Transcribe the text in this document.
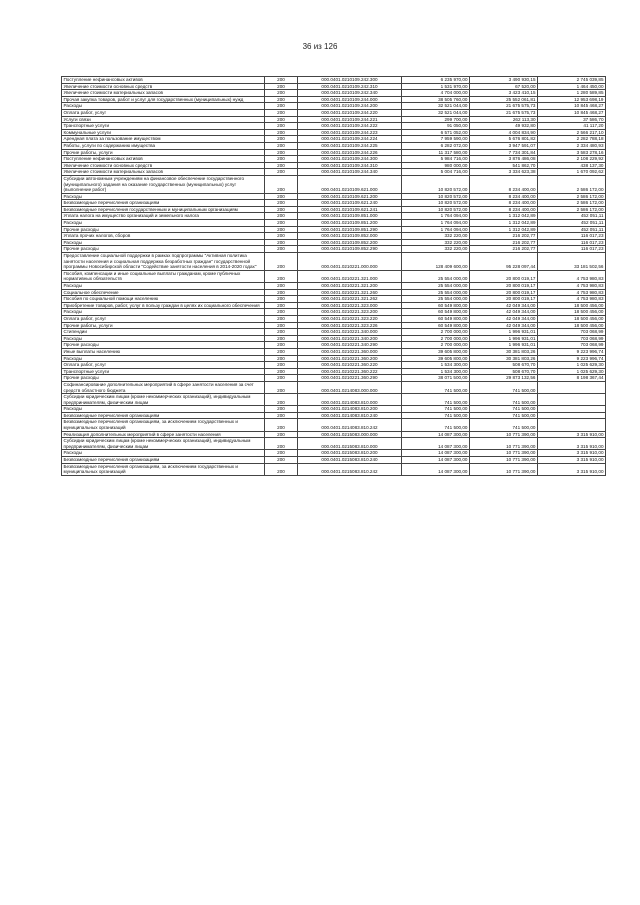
36 из 126
Поступление нефинансовых активов	200	000.0401.0210109.242.300	6 235 970,00	3 490 930,15	2 745 039,85
Увеличение стоимости основных средств	200	000.0401.0210109.242.310	1 531 970,00	67 520,00	1 464 450,00
Увеличение стоимости материальных запасов	200	000.0401.0210109.242.340	4 704 000,00	3 423 410,15	1 280 589,85
Прочая закупка товаров, работ и услуг для государственных (муниципальных) нужд	200	000.0401.0210109.244.000	38 505 760,00	25 552 061,81	12 953 698,19
Расходы	200	000.0401.0210109.244.200	32 521 044,00	21 675 575,73	10 845 468,27
Оплата работ, услуг	200	000.0401.0210109.244.220	32 521 044,00	21 675 575,73	10 845 468,27
Услуги связи	200	000.0401.0210109.244.221	299 700,00	262 113,30	37 586,70
Транспортные услуги	200	000.0401.0210109.244.222	91 050,00	49 932,80	41 117,20
Коммунальные услуги	200	000.0401.0210109.244.223	6 571 052,00	4 004 834,90	2 566 217,10
Арендная плата за пользование имуществом	200	000.0401.0210109.244.224	7 959 590,00	5 676 801,82	2 282 788,18
Работы, услуги по содержанию имущества	200	000.0401.0210109.244.225	6 282 072,00	3 947 591,07	2 334 480,93
Прочие работы, услуги	200	000.0401.0210109.244.226	11 317 580,00	7 734 301,84	3 583 278,16
Поступление нефинансовых активов	200	000.0401.0210109.244.300	5 984 716,00	3 876 486,08	2 108 229,92
Увеличение стоимости основных средств	200	000.0401.0210109.244.310	980 000,00	541 862,70	438 137,30
Увеличение стоимости материальных запасов	200	000.0401.0210109.244.340	5 004 716,00	3 334 623,38	1 670 092,62
Субсидии автономным учреждениям на финансовое обеспечение государственного (муниципального) задания на оказание государственных (муниципальных) услуг (выполнение работ)	200	000.0401.0210109.621.000	10 820 572,00	8 234 400,00	2 586 172,00
Расходы	200	000.0401.0210109.621.200	10 820 572,00	8 234 400,00	2 586 172,00
Безвозмездные перечисления организациям	200	000.0401.0210109.621.240	10 820 572,00	8 234 400,00	2 586 172,00
Безвозмездные перечисления государственным и муниципальным организациям	200	000.0401.0210109.621.241	10 820 572,00	8 234 400,00	2 586 172,00
Уплата налога на имущество организаций и земельного налога	200	000.0401.0210109.851.000	1 764 094,00	1 312 042,89	452 051,11
Расходы	200	000.0401.0210109.851.200	1 764 094,00	1 312 042,89	452 051,11
Прочие расходы	200	000.0401.0210109.851.290	1 764 094,00	1 312 042,89	452 051,11
Уплата прочих налогов, сборов	200	000.0401.0210109.852.000	332 220,00	216 202,77	116 017,23
Расходы	200	000.0401.0210109.852.200	332 220,00	216 202,77	116 017,23
Прочие расходы	200	000.0401.0210109.852.290	332 220,00	216 202,77	116 017,23
Предоставление социальной поддержки в рамках подпрограммы "Активная политика занятости населения и социальная поддержка безработных граждан" государственной программы Новосибирской области "Содействие занятости населения в 2014-2020 годах"	200	000.0401.0210221.000.000	128 409 600,00	95 228 097,44	33 181 502,56
Пособия, компенсации и иные социальные выплаты гражданам, кроме публичных нормативных обязательств	200	000.0401.0210221.321.000	25 554 000,00	20 800 019,17	4 753 980,83
Расходы	200	000.0401.0210221.321.200	25 554 000,00	20 800 019,17	4 753 980,83
Социальное обеспечение	200	000.0401.0210221.321.260	25 554 000,00	20 800 019,17	4 753 980,83
Пособия по социальной помощи населению	200	000.0401.0210221.321.262	25 554 000,00	20 800 019,17	4 753 980,83
Приобретение товаров, работ, услуг в пользу граждан в целях их социального обеспечения	200	000.0401.0210221.323.000	60 549 800,00	42 049 344,00	18 500 456,00
Расходы	200	000.0401.0210221.323.200	60 549 800,00	42 049 344,00	18 500 456,00
Оплата работ, услуг	200	000.0401.0210221.323.220	60 549 800,00	42 049 344,00	18 500 456,00
Прочие работы, услуги	200	000.0401.0210221.323.226	60 549 800,00	42 049 344,00	18 500 456,00
Стипендии	200	000.0401.0210221.340.000	2 700 000,00	1 996 931,01	703 068,99
Расходы	200	000.0401.0210221.340.200	2 700 000,00	1 996 931,01	703 068,99
Прочие расходы	200	000.0401.0210221.340.290	2 700 000,00	1 996 931,01	703 068,99
Иные выплаты населению	200	000.0401.0210221.360.000	39 605 800,00	30 381 803,26	9 223 996,74
Расходы	200	000.0401.0210221.360.200	39 605 800,00	30 381 803,26	9 223 996,74
Оплата работ, услуг	200	000.0401.0210221.360.220	1 534 300,00	508 670,70	1 025 629,30
Транспортные услуги	200	000.0401.0210221.360.222	1 534 300,00	508 670,70	1 025 629,30
Прочие расходы	200	000.0401.0210221.360.290	38 071 500,00	29 873 132,56	8 198 367,44
Софинансирование дополнительных мероприятий в сфере занятости населения за счет средств областного бюджета	200	000.0401.0214083.000.000	741 500,00	741 500,00	
Субсидии юридическим лицам (кроме некоммерческих организаций), индивидуальным предпринимателям, физическим лицам	200	000.0401.0214083.810.000	741 500,00	741 500,00	
Расходы	200	000.0401.0214083.810.200	741 500,00	741 500,00	
Безвозмездные перечисления организациям	200	000.0401.0214083.810.240	741 500,00	741 500,00	
Безвозмездные перечисления организациям, за исключением государственных и муниципальных организаций	200	000.0401.0214083.810.242	741 500,00	741 500,00	
Реализация дополнительных мероприятий в сфере занятости населения	200	000.0401.0215083.000.000	14 087 300,00	10 771 390,00	3 315 910,00
Субсидии юридическим лицам (кроме некоммерческих организаций), индивидуальным предпринимателям, физическим лицам	200	000.0401.0215083.810.000	14 087 300,00	10 771 390,00	3 315 910,00
Расходы	200	000.0401.0215083.810.200	14 087 300,00	10 771 390,00	3 315 910,00
Безвозмездные перечисления организациям	200	000.0401.0215083.810.240	14 087 300,00	10 771 390,00	3 315 910,00
Безвозмездные перечисления организациям, за исключением государственных и муниципальных организаций	200	000.0401.0215083.810.242	14 087 300,00	10 771 390,00	3 315 910,00
